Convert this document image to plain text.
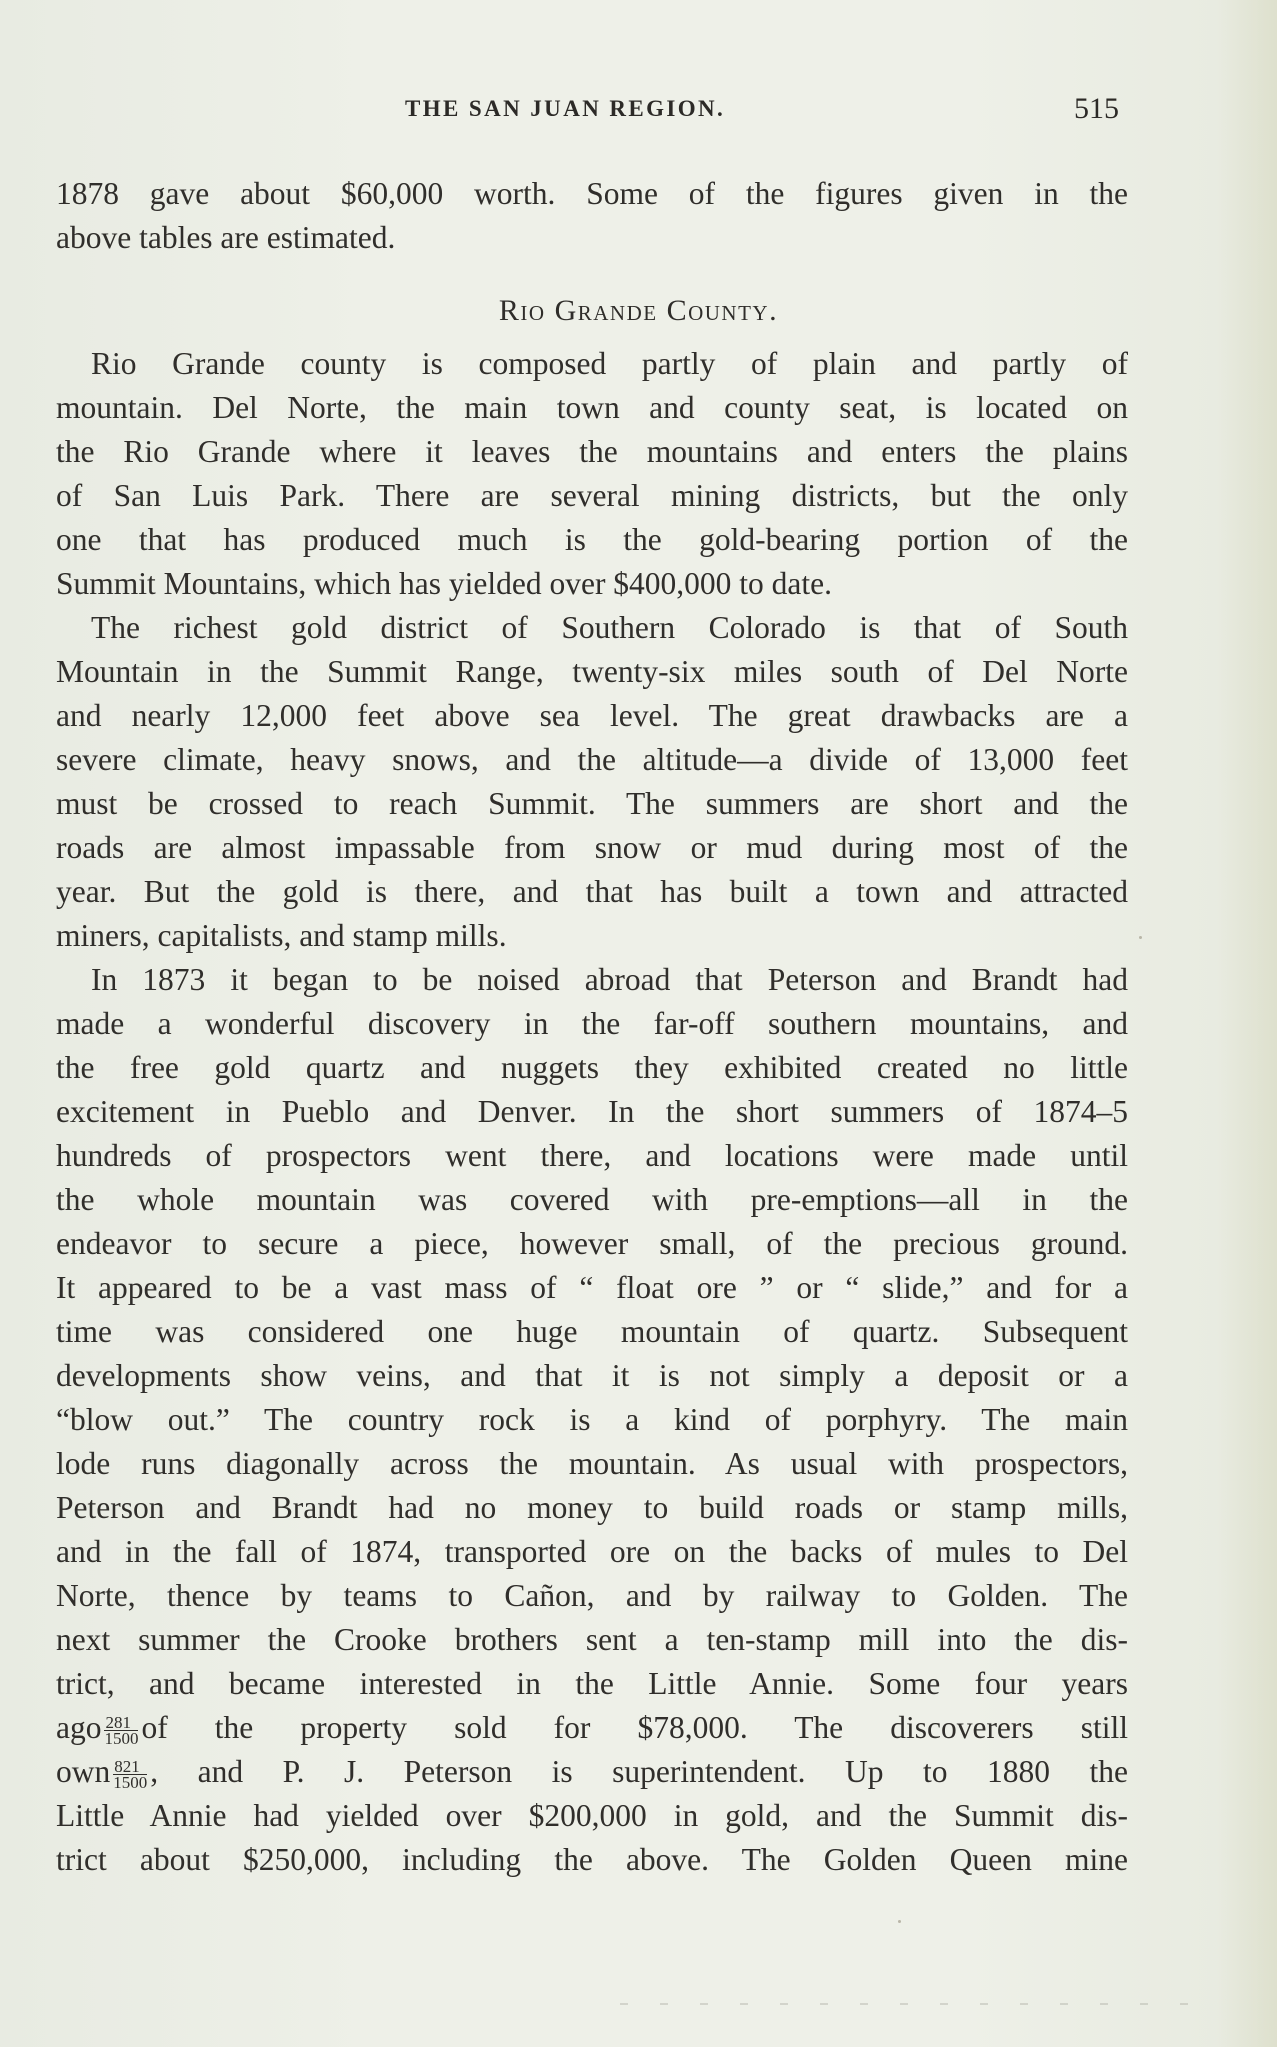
THE SAN JUAN REGION.	515
1878 gave about $60,000 worth. Some of the figures given in the
above tables are estimated.
Rio Grande County.
Rio Grande county is composed partly of plain and partly of
mountain. Del Norte, the main town and county seat, is located on
the Rio Grande where it leaves the mountains and enters the plains
of San Luis Park. There are several mining districts, but the only
one that has produced much is the gold-bearing portion of the
Summit Mountains, which has yielded over $400,000 to date.
The richest gold district of Southern Colorado is that of South
Mountain in the Summit Range, twenty-six miles south of Del Norte
and nearly 12,000 feet above sea level. The great drawbacks are a
severe climate, heavy snows, and the altitude—a divide of 13,000 feet
must be crossed to reach Summit. The summers are short and the
roads are almost impassable from snow or mud during most of the
year. But the gold is there, and that has built a town and attracted
miners, capitalists, and stamp mills.
In 1873 it began to be noised abroad that Peterson and Brandt had
made a wonderful discovery in the far-off southern mountains, and
the free gold quartz and nuggets they exhibited created no little
excitement in Pueblo and Denver. In the short summers of 1874–5
hundreds of prospectors went there, and locations were made until
the whole mountain was covered with pre-emptions—all in the
endeavor to secure a piece, however small, of the precious ground.
It appeared to be a vast mass of “ float ore ” or “ slide,” and for a
time was considered one huge mountain of quartz. Subsequent
developments show veins, and that it is not simply a deposit or a
“blow out.” The country rock is a kind of porphyry. The main
lode runs diagonally across the mountain. As usual with prospectors,
Peterson and Brandt had no money to build roads or stamp mills,
and in the fall of 1874, transported ore on the backs of mules to Del
Norte, thence by teams to Cañon, and by railway to Golden. The
next summer the Crooke brothers sent a ten-stamp mill into the dis-
trict, and became interested in the Little Annie. Some four years
ago $\frac{281}{1500}$ of the property sold for $78,000. The discoverers still
own $\frac{821}{1500}$ , and P. J. Peterson is superintendent. Up to 1880 the
Little Annie had yielded over $200,000 in gold, and the Summit dis-
trict about $250,000, including the above. The Golden Queen mine
